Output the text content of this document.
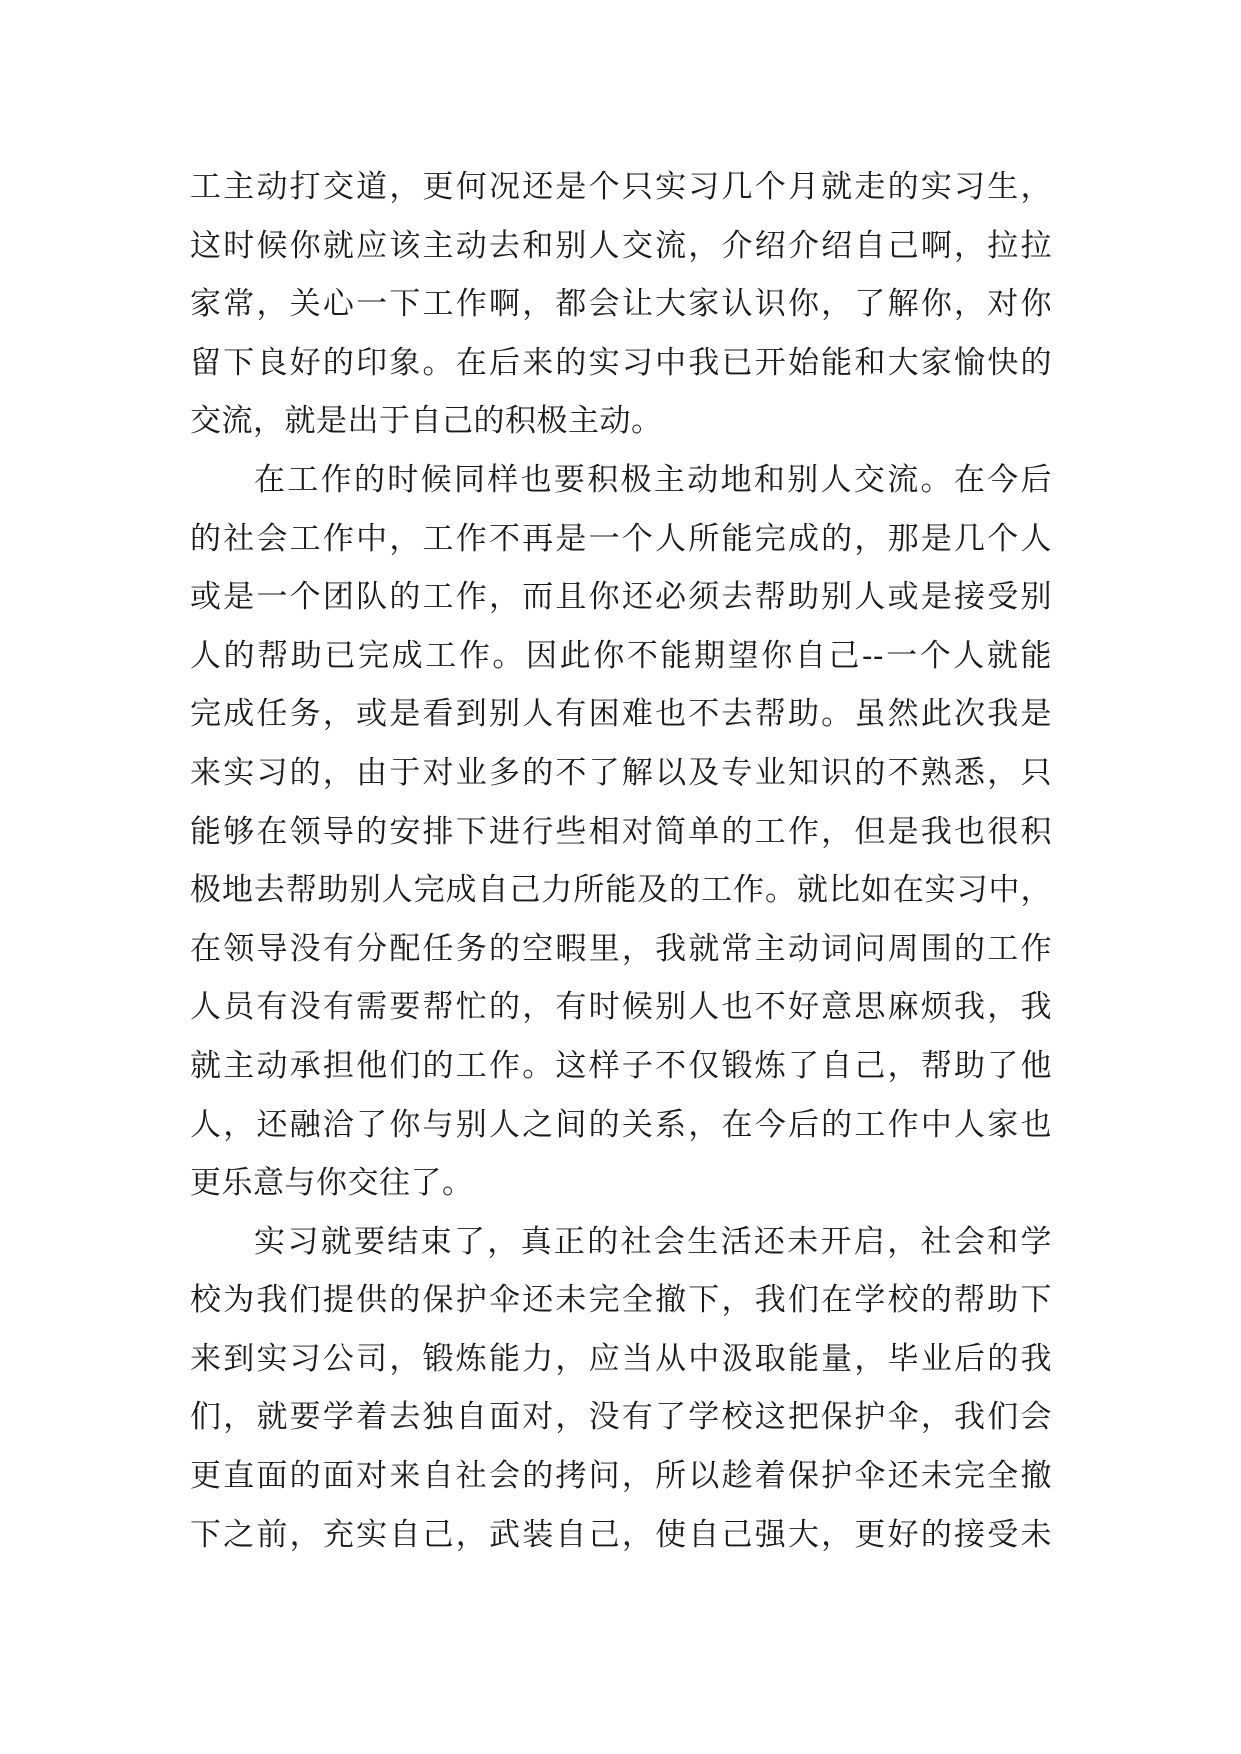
工主动打交道，更何况还是个只实习几个月就走的实习生，
这时候你就应该主动去和别人交流，介绍介绍自己啊，拉拉
家常，关心一下工作啊，都会让大家认识你，了解你，对你
留下良好的印象。在后来的实习中我已开始能和大家愉快的
交流，就是出于自己的积极主动。
在工作的时候同样也要积极主动地和别人交流。在今后
的社会工作中，工作不再是一个人所能完成的，那是几个人
或是一个团队的工作，而且你还必须去帮助别人或是接受别
人的帮助已完成工作。因此你不能期望你自己--一个人就能
完成任务，或是看到别人有困难也不去帮助。虽然此次我是
来实习的，由于对业多的不了解以及专业知识的不熟悉，只
能够在领导的安排下进行些相对简单的工作，但是我也很积
极地去帮助别人完成自己力所能及的工作。就比如在实习中，
在领导没有分配任务的空暇里，我就常主动词问周围的工作
人员有没有需要帮忙的，有时候别人也不好意思麻烦我，我
就主动承担他们的工作。这样子不仅锻炼了自己，帮助了他
人，还融洽了你与别人之间的关系，在今后的工作中人家也
更乐意与你交往了。
实习就要结束了，真正的社会生活还未开启，社会和学
校为我们提供的保护伞还未完全撤下，我们在学校的帮助下
来到实习公司，锻炼能力，应当从中汲取能量，毕业后的我
们，就要学着去独自面对，没有了学校这把保护伞，我们会
更直面的面对来自社会的拷问，所以趁着保护伞还未完全撤
下之前，充实自己，武装自己，使自己强大，更好的接受未
